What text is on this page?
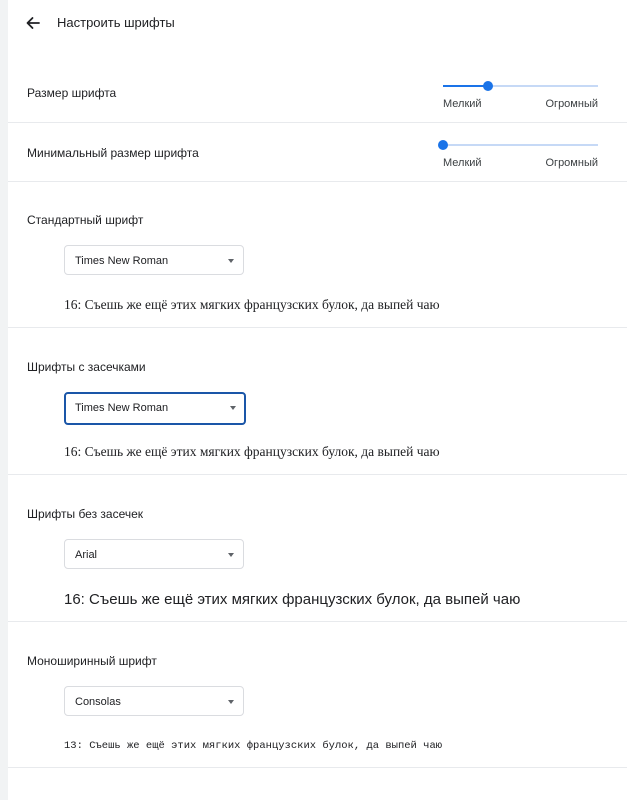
Настроить шрифты
Размер шрифта
Мелкий	Огромный
Минимальный размер шрифта
Мелкий	Огромный
Стандартный шрифт
Times New Roman
16: Съешь же ещё этих мягких французских булок, да выпей чаю
Шрифты с засечками
Times New Roman
16: Съешь же ещё этих мягких французских булок, да выпей чаю
Шрифты без засечек
Arial
16: Съешь же ещё этих мягких французских булок, да выпей чаю
Моноширинный шрифт
Consolas
13: Съешь же ещё этих мягких французских булок, да выпей чаю
